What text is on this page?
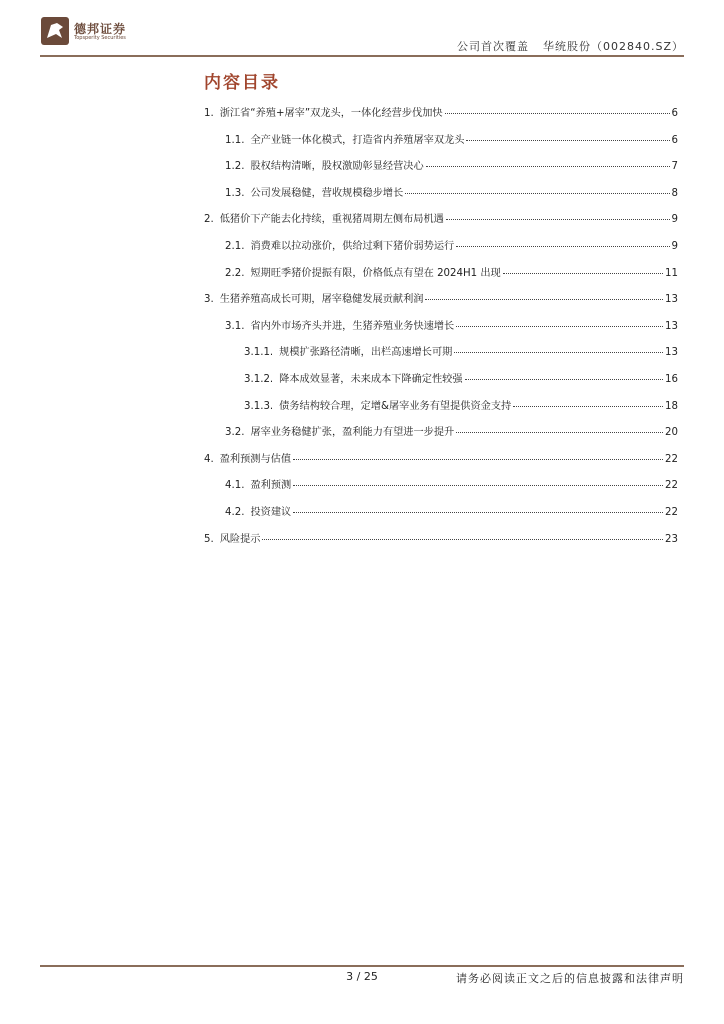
德邦证券
Topsperity Securities
公司首次覆盖 华统股份（002840.SZ）
内容目录
1. 浙江省“养殖+屠宰”双龙头，一体化经营步伐加快	6
1.1. 全产业链一体化模式，打造省内养殖屠宰双龙头	6
1.2. 股权结构清晰，股权激励彰显经营决心	7
1.3. 公司发展稳健，营收规模稳步增长	8
2. 低猪价下产能去化持续，重视猪周期左侧布局机遇	9
2.1. 消费难以拉动涨价，供给过剩下猪价弱势运行	9
2.2. 短期旺季猪价提振有限，价格低点有望在 2024H1 出现	11
3. 生猪养殖高成长可期，屠宰稳健发展贡献利润	13
3.1. 省内外市场齐头并进，生猪养殖业务快速增长	13
3.1.1. 规模扩张路径清晰，出栏高速增长可期	13
3.1.2. 降本成效显著，未来成本下降确定性较强	16
3.1.3. 债务结构较合理，定增&屠宰业务有望提供资金支持	18
3.2. 屠宰业务稳健扩张，盈利能力有望进一步提升	20
4. 盈利预测与估值	22
4.1. 盈利预测	22
4.2. 投资建议	22
5. 风险提示	23
3 / 25	请务必阅读正文之后的信息披露和法律声明
